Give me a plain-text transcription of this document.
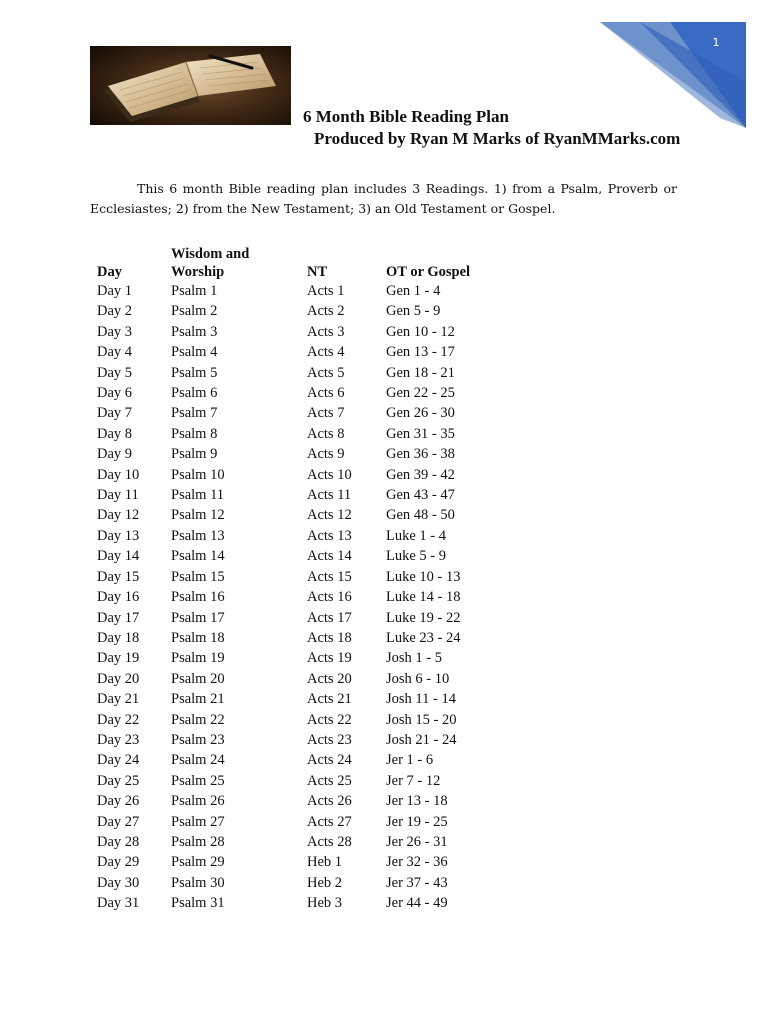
1
6 Month Bible Reading Plan
Produced by Ryan M Marks of RyanMMarks.com

This 6 month Bible reading plan includes 3 Readings. 1) from a Psalm, Proverb or Ecclesiastes; 2) from the New Testament; 3) an Old Testament or Gospel.

Day	Wisdom and Worship	NT	OT or Gospel
Day 1	Psalm 1	Acts 1	Gen 1 - 4
Day 2	Psalm 2	Acts 2	Gen 5 - 9
Day 3	Psalm 3	Acts 3	Gen 10 - 12
Day 4	Psalm 4	Acts 4	Gen 13 - 17
Day 5	Psalm 5	Acts 5	Gen 18 - 21
Day 6	Psalm 6	Acts 6	Gen 22 - 25
Day 7	Psalm 7	Acts 7	Gen 26 - 30
Day 8	Psalm 8	Acts 8	Gen 31 - 35
Day 9	Psalm 9	Acts 9	Gen 36 - 38
Day 10	Psalm 10	Acts 10	Gen 39 - 42
Day 11	Psalm 11	Acts 11	Gen 43 - 47
Day 12	Psalm 12	Acts 12	Gen 48 - 50
Day 13	Psalm 13	Acts 13	Luke 1 - 4
Day 14	Psalm 14	Acts 14	Luke 5 - 9
Day 15	Psalm 15	Acts 15	Luke 10 - 13
Day 16	Psalm 16	Acts 16	Luke 14 - 18
Day 17	Psalm 17	Acts 17	Luke 19 - 22
Day 18	Psalm 18	Acts 18	Luke 23 - 24
Day 19	Psalm 19	Acts 19	Josh 1 - 5
Day 20	Psalm 20	Acts 20	Josh 6 - 10
Day 21	Psalm 21	Acts 21	Josh 11 - 14
Day 22	Psalm 22	Acts 22	Josh 15 - 20
Day 23	Psalm 23	Acts 23	Josh 21 - 24
Day 24	Psalm 24	Acts 24	Jer 1 - 6
Day 25	Psalm 25	Acts 25	Jer 7 - 12
Day 26	Psalm 26	Acts 26	Jer 13 - 18
Day 27	Psalm 27	Acts 27	Jer 19 - 25
Day 28	Psalm 28	Acts 28	Jer 26 - 31
Day 29	Psalm 29	Heb 1	Jer 32 - 36
Day 30	Psalm 30	Heb 2	Jer 37 - 43
Day 31	Psalm 31	Heb 3	Jer 44 - 49
